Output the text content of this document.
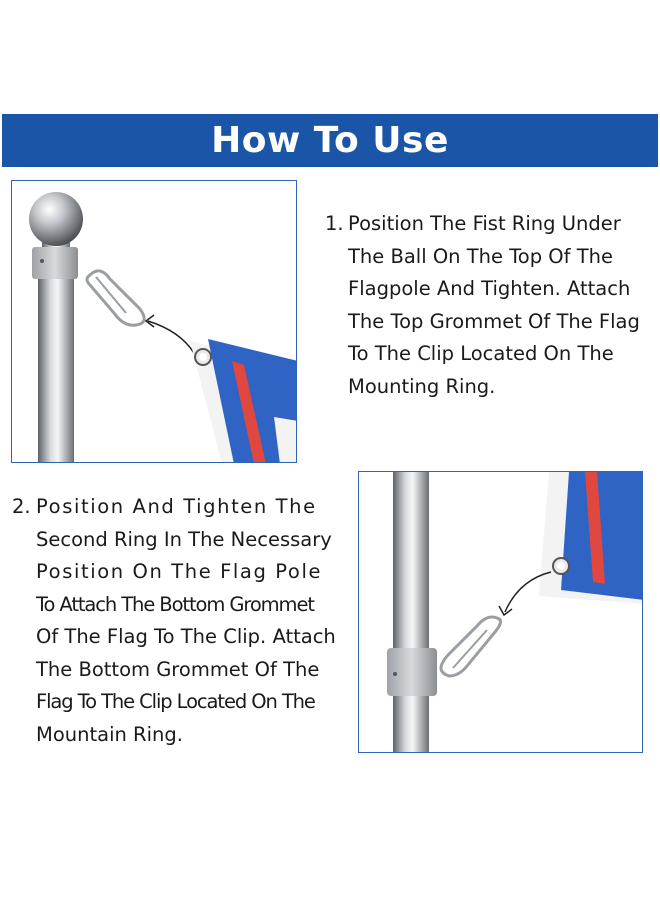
How To Use
1. Position The Fist Ring Under
The Ball On The Top Of The
Flagpole And Tighten. Attach
The Top Grommet Of The Flag
To The Clip Located On The
Mounting Ring.
2. Position And Tighten The
Second Ring In The Necessary
Position On The Flag Pole
To Attach The Bottom Grommet
Of The Flag To The Clip. Attach
The Bottom Grommet Of The
Flag To The Clip Located On The
Mountain Ring.
